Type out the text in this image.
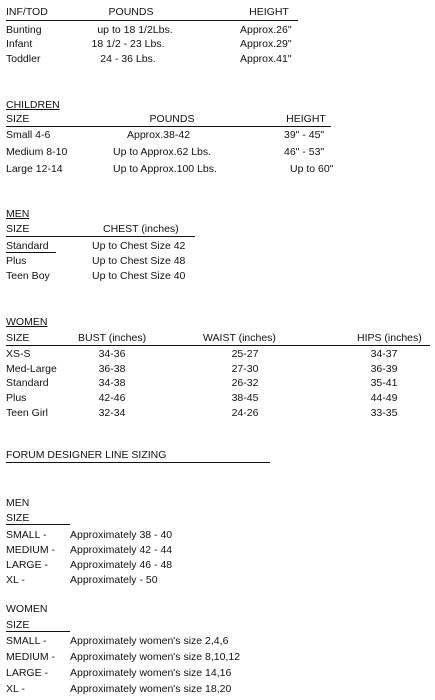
INF/TOD	POUNDS	HEIGHT
Bunting	up to 18 1/2Lbs.	Approx.26"
Infant	18 1/2 - 23 Lbs.	Approx.29"
Toddler	24 - 36 Lbs.	Approx.41"
CHILDREN
SIZE	POUNDS	HEIGHT
Small 4-6	Approx.38-42	39" - 45"
Medium 8-10	Up to Approx.62 Lbs.	46" - 53"
Large 12-14	Up to Approx.100 Lbs.	Up to 60"
MEN
SIZE	CHEST (inches)
Standard	Up to Chest Size 42
Plus	Up to Chest Size 48
Teen Boy	Up to Chest Size 40
WOMEN
SIZE	BUST (inches)	WAIST (inches)	HIPS (inches)
XS-S	34-36	25-27	34-37
Med-Large	36-38	27-30	36-39
Standard	34-38	26-32	35-41
Plus	42-46	38-45	44-49
Teen Girl	32-34	24-26	33-35
FORUM DESIGNER LINE SIZING
MEN
SIZE
SMALL - Approximately 38 - 40
MEDIUM - Approximately 42 - 44
LARGE - Approximately 46 - 48
XL -	Approximately - 50
WOMEN
SIZE
SMALL - Approximately women's size 2,4,6
MEDIUM - Approximately women's size 8,10,12
LARGE - Approximately women's size 14,16
XL -	Approximately women's size 18,20
